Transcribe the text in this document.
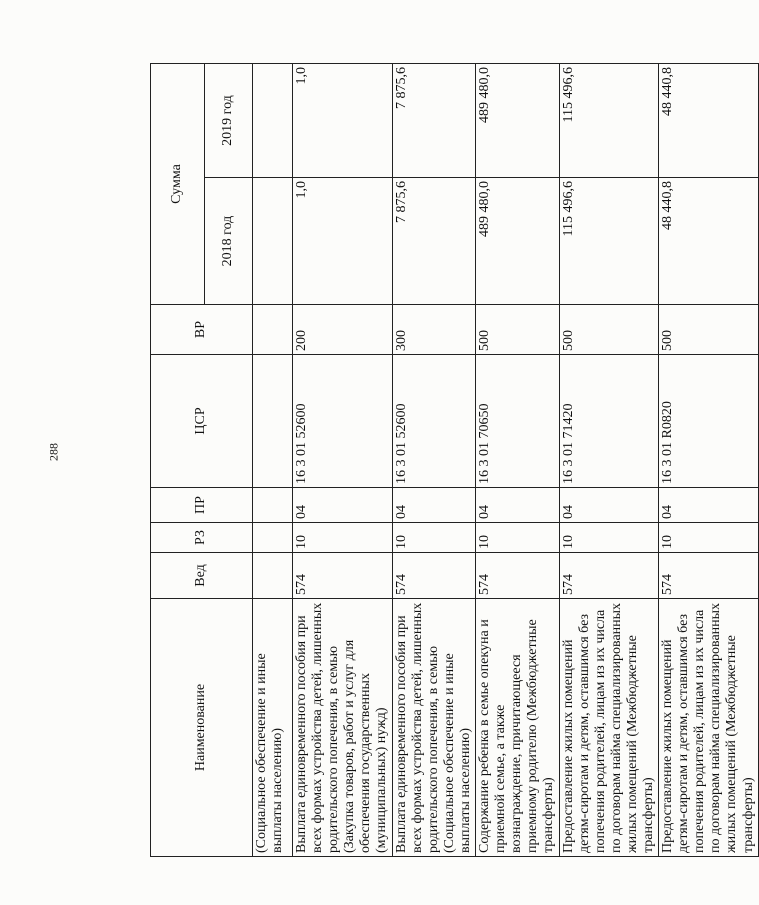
288
Наименование	Вед	РЗ	ПР	ЦСР	ВР	Сумма	
						2018 год	2019 год
(Социальное обеспечение и иные выплаты населению)							
Выплата единовременного пособия при всех формах устройства детей, лишенных родительского попечения, в семью (Закупка товаров, работ и услуг для обеспечения государственных (муниципальных) нужд)	574	10	04	16 3 01 52600	200	1,0	1,0
Выплата единовременного пособия при всех формах устройства детей, лишенных родительского попечения, в семью (Социальное обеспечение и иные выплаты населению)	574	10	04	16 3 01 52600	300	7 875,6	7 875,6
Содержание ребенка в семье опекуна и приемной семье, а также вознаграждение, причитающееся приемному родителю (Межбюджетные трансферты)	574	10	04	16 3 01 70650	500	489 480,0	489 480,0
Предоставление жилых помещений детям-сиротам и детям, оставшимся без попечения родителей, лицам из их числа по договорам найма специализированных жилых помещений (Межбюджетные трансферты)	574	10	04	16 3 01 71420	500	115 496,6	115 496,6
Предоставление жилых помещений детям-сиротам и детям, оставшимся без попечения родителей, лицам из их числа по договорам найма специализированных жилых помещений (Межбюджетные трансферты)	574	10	04	16 3 01 R0820	500	48 440,8	48 440,8
